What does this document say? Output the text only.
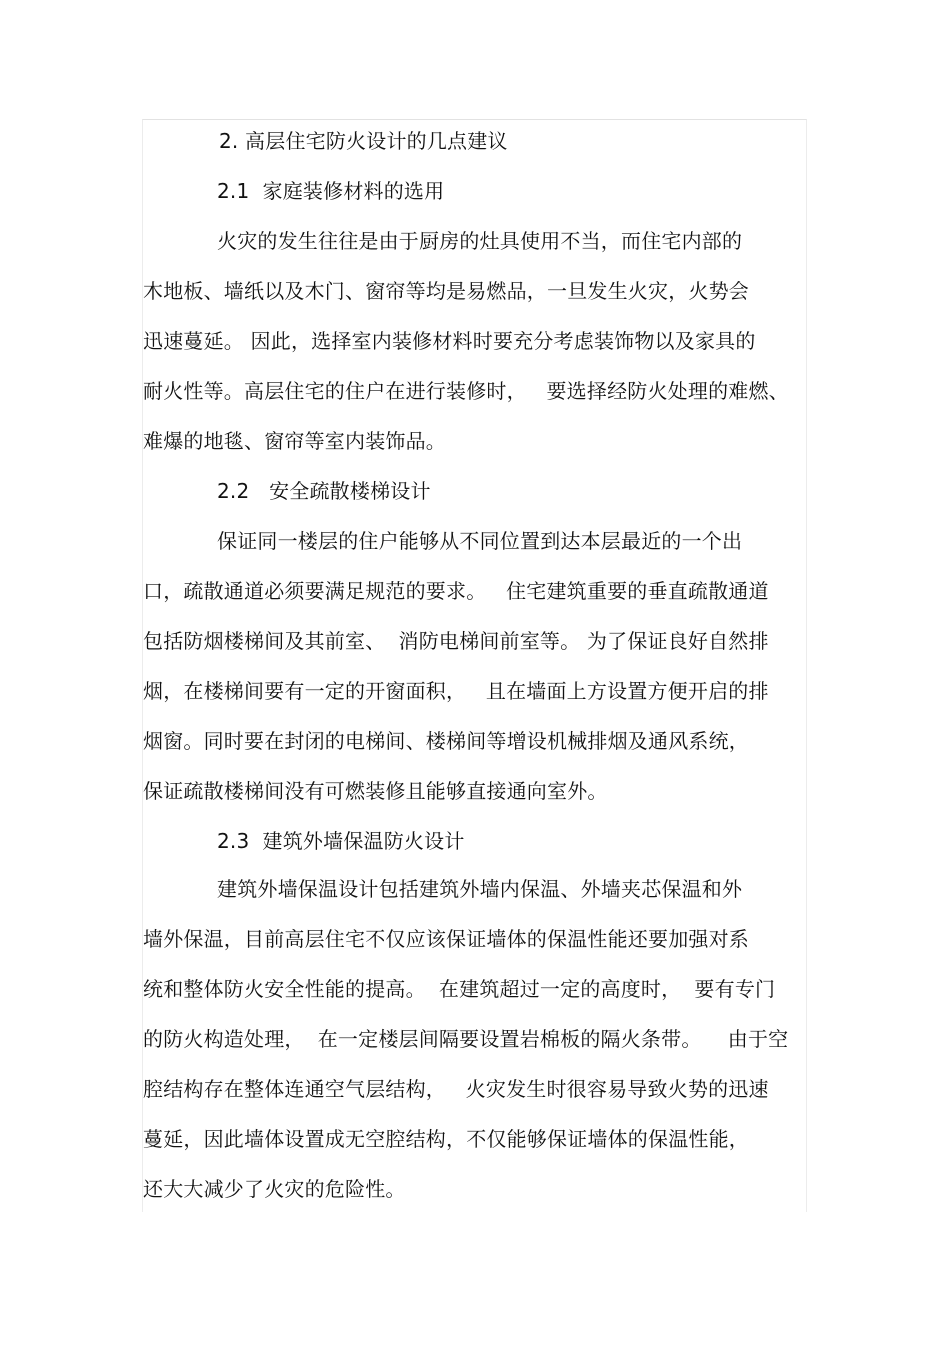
2. 高层住宅防火设计的几点建议
2.1  家庭装修材料的选用
火灾的发生往往是由于厨房的灶具使用不当，而住宅内部的
木地板、墙纸以及木门、窗帘等均是易燃品，一旦发生火灾，火势会
迅速蔓延。 因此，选择室内装修材料时要充分考虑装饰物以及家具的
耐火性等。高层住宅的住户在进行装修时，   要选择经防火处理的难燃、
难爆的地毯、窗帘等室内装饰品。
2.2   安全疏散楼梯设计
保证同一楼层的住户能够从不同位置到达本层最近的一个出
口，疏散通道必须要满足规范的要求。   住宅建筑重要的垂直疏散通道
包括防烟楼梯间及其前室、  消防电梯间前室等。 为了保证良好自然排
烟，在楼梯间要有一定的开窗面积，   且在墙面上方设置方便开启的排
烟窗。同时要在封闭的电梯间、楼梯间等增设机械排烟及通风系统，
保证疏散楼梯间没有可燃装修且能够直接通向室外。
2.3  建筑外墙保温防火设计
建筑外墙保温设计包括建筑外墙内保温、外墙夹芯保温和外
墙外保温，目前高层住宅不仅应该保证墙体的保温性能还要加强对系
统和整体防火安全性能的提高。  在建筑超过一定的高度时，  要有专门
的防火构造处理，  在一定楼层间隔要设置岩棉板的隔火条带。    由于空
腔结构存在整体连通空气层结构，   火灾发生时很容易导致火势的迅速
蔓延，因此墙体设置成无空腔结构，不仅能够保证墙体的保温性能，
还大大减少了火灾的危险性。
